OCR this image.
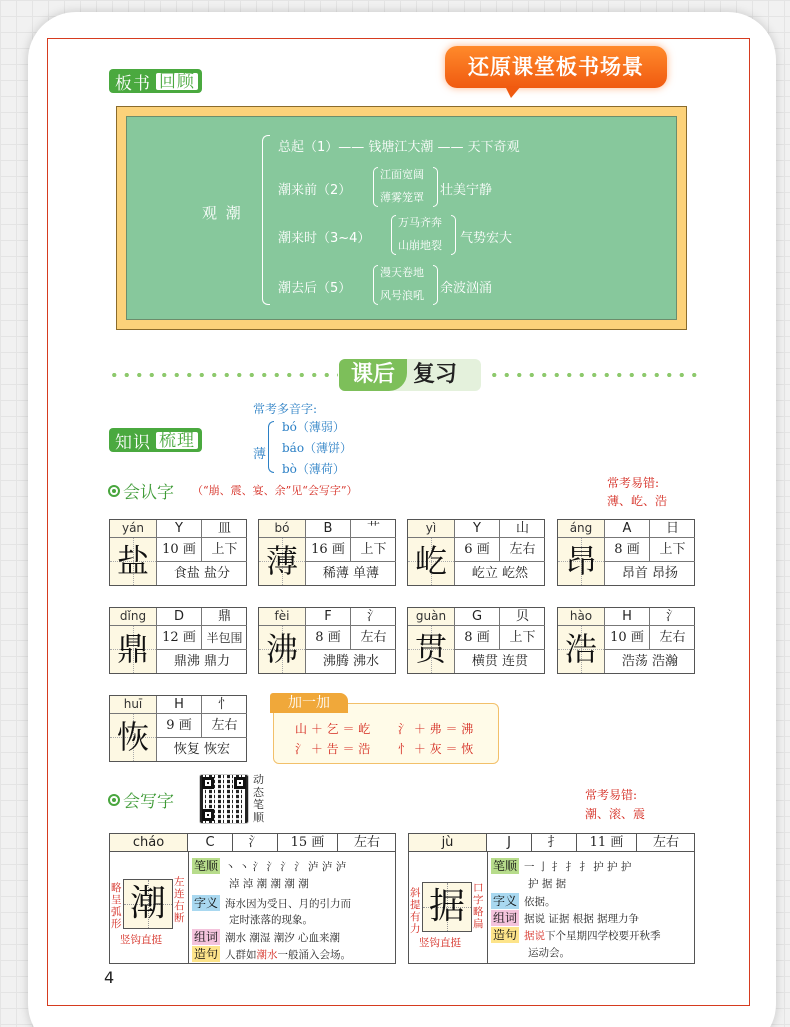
板书 回顾
还原课堂板书场景
观 潮
总起（1）—— 钱塘江大潮 —— 天下奇观
潮来前（2）
江面宽阔
薄雾笼罩 壮美宁静
潮来时（3~4）
万马齐奔
山崩地裂 气势宏大
潮去后（5）
漫天卷地
风号浪吼 余波汹涌
课后 复习
知识 梳理
常考多音字:
薄
bó（薄弱）
báo（薄饼）
bò（薄荷）
会认字 （“崩、震、宴、余”见“会写字”）
常考易错:
薄、屹、浩
yán
盐
Y	皿
10 画	上下
食盐 盐分
bó
薄
B	艹
16 画	上下
稀薄 单薄
yì
屹
Y	山
6 画	左右
屹立 屹然
áng
昂
A	日
8 画	上下
昂首 昂扬
dǐng
鼎
D	鼎
12 画 半包围
鼎沸 鼎力
fèi
沸
F	氵
8 画	左右
沸腾 沸水
guàn
贯
G	贝
8 画	上下
横贯 连贯
hào
浩
H	氵
10 画	左右
浩荡 浩瀚
huī
恢
H	忄
9 画	左右
恢复 恢宏
加一加
山 ＋ 乞 ＝ 屹 氵 ＋ 弗 ＝ 沸
氵 ＋ 告 ＝ 浩 忄 ＋ 灰 ＝ 恢
会写字
动态笔顺
常考易错:
潮、滚、震
cháo	C	氵	15 画	左右
潮
略呈弧形
左连右断
竖钩直挺
笔顺 丶 丶 氵 氵 氵 氵 泸 泸 泸
淖 淖 潮 潮 潮 潮
字义 海水因为受日、月的引力而
定时涨落的现象。
组词 潮水 潮湿 潮汐 心血来潮
造句 人群如 潮水 一般涌入会场。
jù	J	扌	11 画	左右
据
斜提有力
口字略扁
竖钩直挺
笔顺 一 亅 扌 扌 扌 护 护 护
护 据 据
字义 依据。
组词 据说 证据 根据 据理力争
造句 据说 下个星期四学校要开秋季
运动会。
4
